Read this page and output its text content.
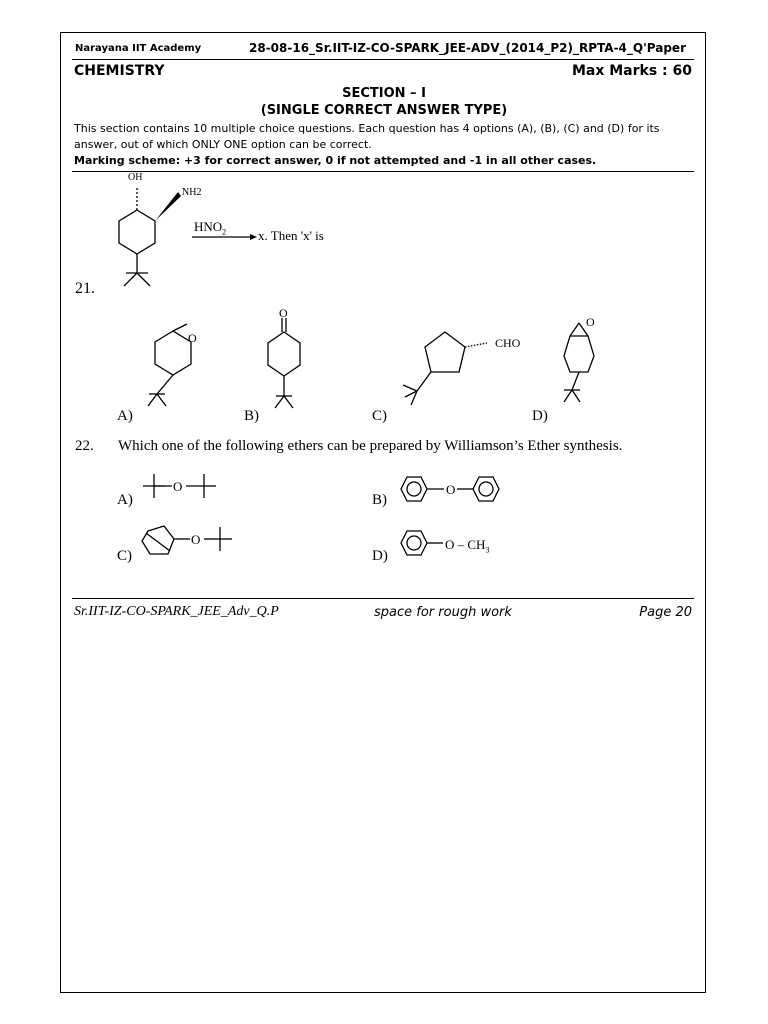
Narayana IIT Academy	28-08-16_Sr.IIT-IZ-CO-SPARK_JEE-ADV_(2014_P2)_RPTA-4_Q'Paper
CHEMISTRY	Max Marks : 60
SECTION – I
(SINGLE CORRECT ANSWER TYPE)
This section contains 10 multiple choice questions. Each question has 4 options (A), (B), (C) and (D) for its
answer, out of which ONLY ONE option can be correct.
Marking scheme: +3 for correct answer, 0 if not attempted and -1 in all other cases.
OH
NH2
$HNO_2$ x. Then 'x' is
21.
O
A)
O
B)
CHO
C)
O
D)
22. Which one of the following ethers can be prepared by Williamson’s Ether synthesis.
O
A)
O
B)
O
C)
O – $CH_3$
D)
Sr.IIT-IZ-CO-SPARK_JEE_Adv_Q.P	space for rough work	Page 20
